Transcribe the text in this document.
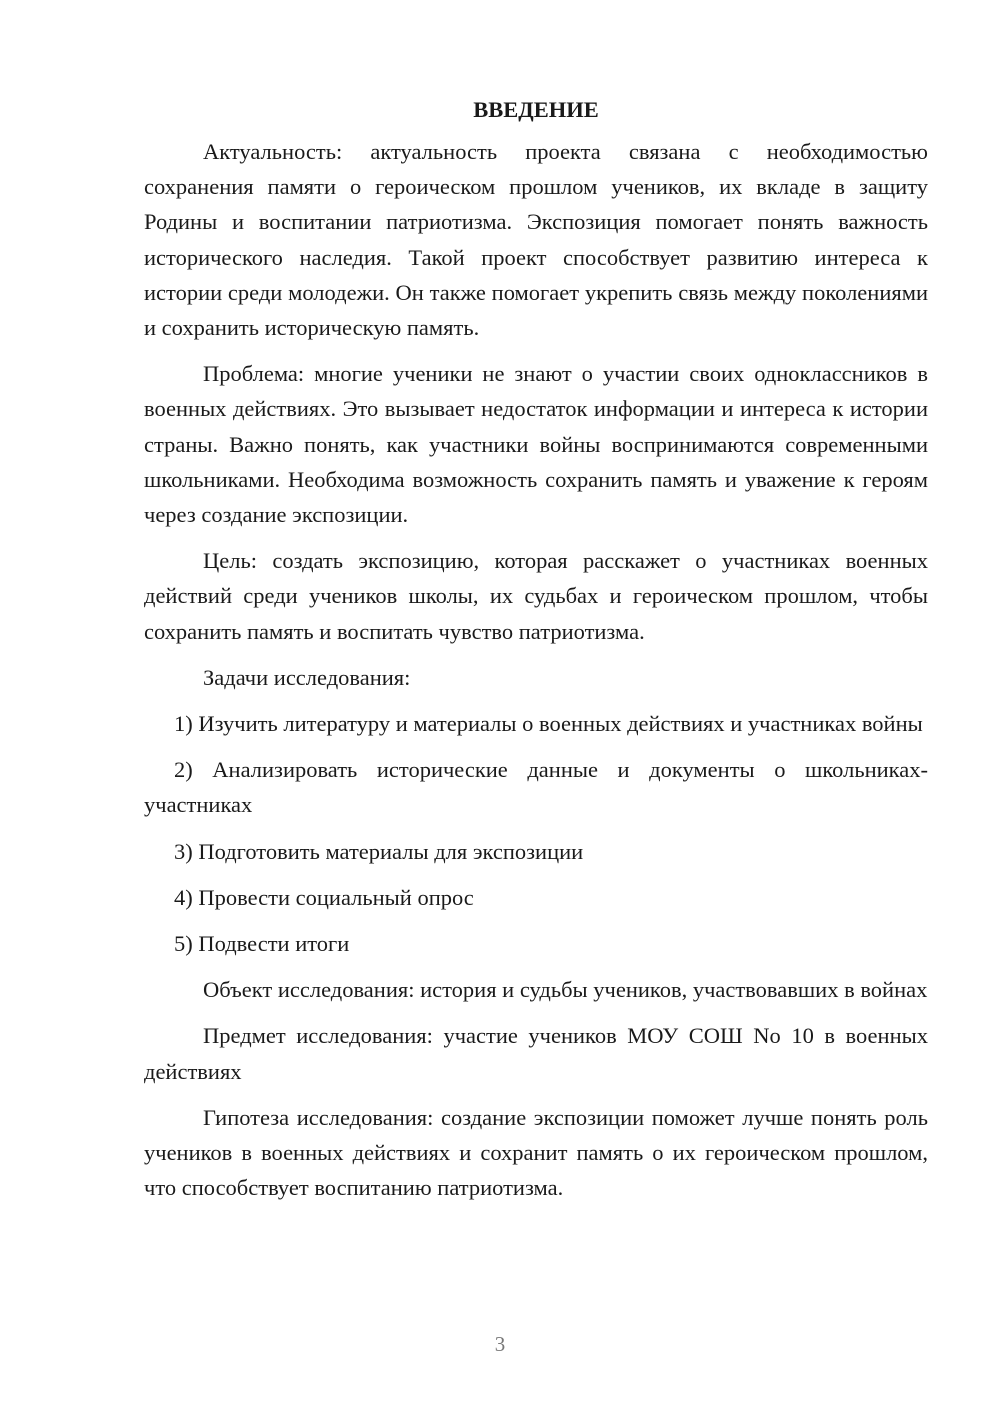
ВВЕДЕНИЕ

Актуальность: актуальность проекта связана с необходимостью сохранения памяти о героическом прошлом учеников, их вкладе в защиту Родины и воспитании патриотизма. Экспозиция помогает понять важность исторического наследия. Такой проект способствует развитию интереса к истории среди молодежи. Он также помогает укрепить связь между поколениями и сохранить историческую память.

Проблема: многие ученики не знают о участии своих одноклассников в военных действиях. Это вызывает недостаток информации и интереса к истории страны. Важно понять, как участники войны воспринимаются современными школьниками. Необходима возможность сохранить память и уважение к героям через создание экспозиции.

Цель: создать экспозицию, которая расскажет о участниках военных действий среди учеников школы, их судьбах и героическом прошлом, чтобы сохранить память и воспитать чувство патриотизма.

Задачи исследования:

1) Изучить литературу и материалы о военных действиях и участниках войны

2) Анализировать исторические данные и документы о школьниках-участниках

3) Подготовить материалы для экспозиции

4) Провести социальный опрос

5) Подвести итоги

Объект исследования: история и судьбы учеников, участвовавших в войнах

Предмет исследования: участие учеников МОУ СОШ No 10 в военных действиях

Гипотеза исследования: создание экспозиции поможет лучше понять роль учеников в военных действиях и сохранит память о их героическом прошлом, что способствует воспитанию патриотизма.

3
